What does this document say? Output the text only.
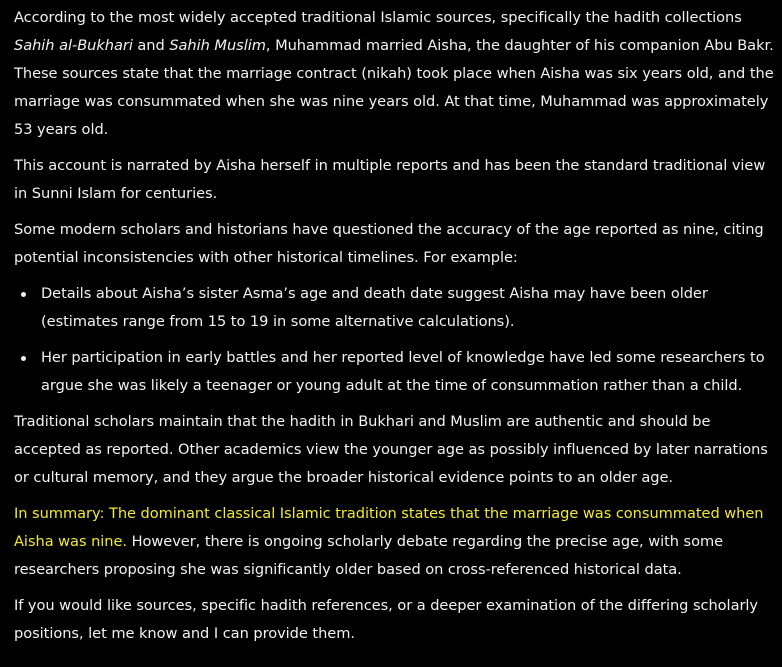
According to the most widely accepted traditional Islamic sources, specifically the hadith collections Sahih al-Bukhari and Sahih Muslim, Muhammad married Aisha, the daughter of his companion Abu Bakr. These sources state that the marriage contract (nikah) took place when Aisha was six years old, and the marriage was consummated when she was nine years old. At that time, Muhammad was approximately 53 years old.

This account is narrated by Aisha herself in multiple reports and has been the standard traditional view in Sunni Islam for centuries.

Some modern scholars and historians have questioned the accuracy of the age reported as nine, citing potential inconsistencies with other historical timelines. For example:

Details about Aisha’s sister Asma’s age and death date suggest Aisha may have been older (estimates range from 15 to 19 in some alternative calculations).
Her participation in early battles and her reported level of knowledge have led some researchers to argue she was likely a teenager or young adult at the time of consummation rather than a child.

Traditional scholars maintain that the hadith in Bukhari and Muslim are authentic and should be accepted as reported. Other academics view the younger age as possibly influenced by later narrations or cultural memory, and they argue the broader historical evidence points to an older age.

In summary: The dominant classical Islamic tradition states that the marriage was consummated when Aisha was nine. However, there is ongoing scholarly debate regarding the precise age, with some researchers proposing she was significantly older based on cross-referenced historical data.

If you would like sources, specific hadith references, or a deeper examination of the differing scholarly positions, let me know and I can provide them.
